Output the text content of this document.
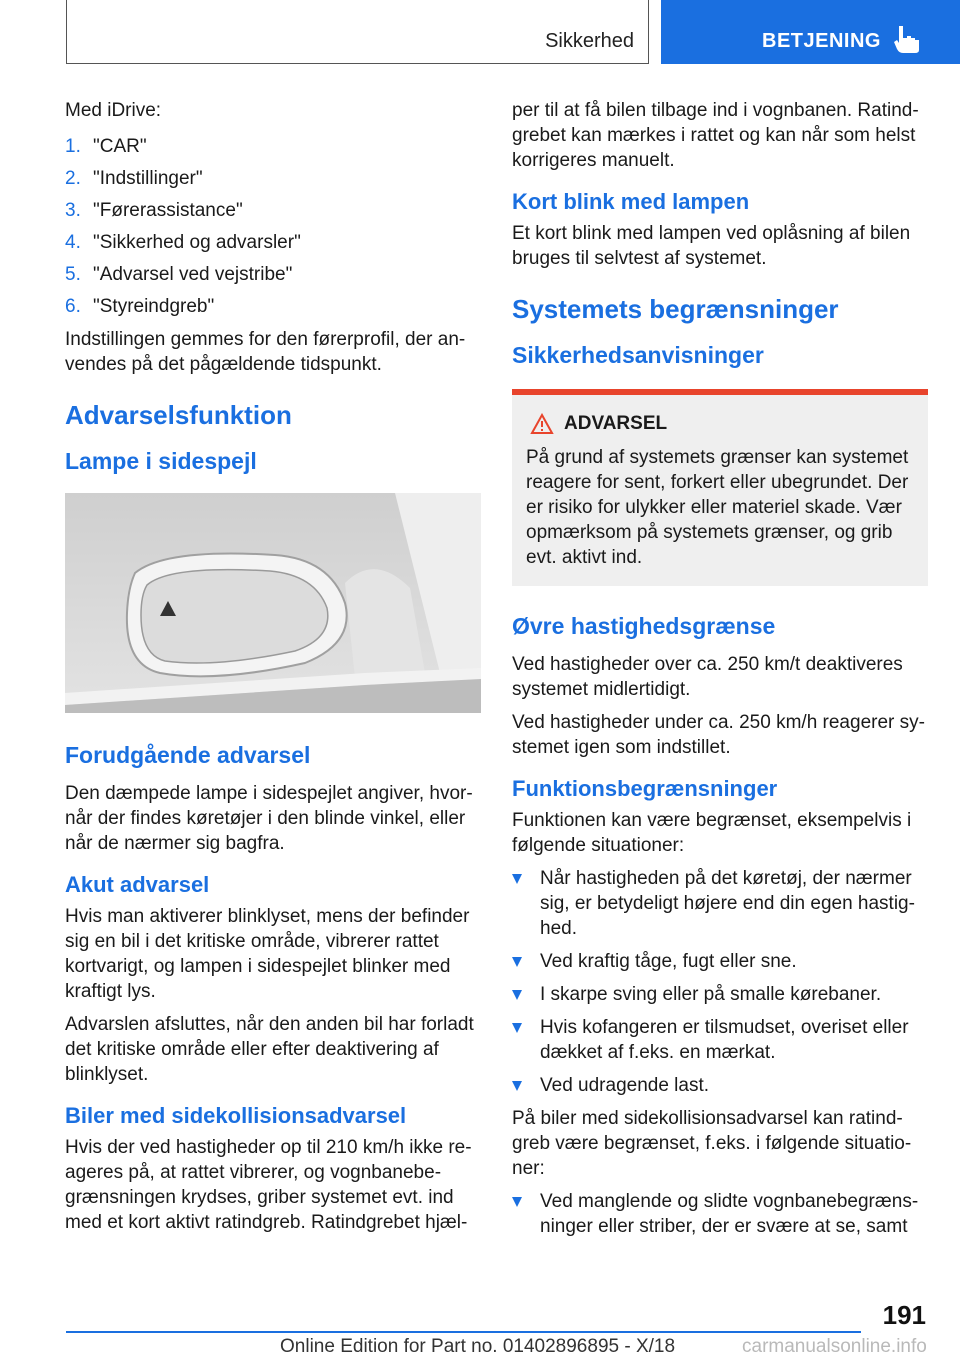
Sikkerhed	BETJENING

Med iDrive:

1. "CAR"
2. "Indstillinger"
3. "Førerassistance"
4. "Sikkerhed og advarsler"
5. "Advarsel ved vejstribe"
6. "Styreindgreb"

Indstillingen gemmes for den førerprofil, der an-vendes på det pågældende tidspunkt.

Advarselsfunktion
Lampe i sidespejl
Forudgående advarsel

Den dæmpede lampe i sidespejlet angiver, hvor-når der findes køretøjer i den blinde vinkel, eller når de nærmer sig bagfra.

Akut advarsel

Hvis man aktiverer blinklyset, mens der befinder sig en bil i det kritiske område, vibrerer rattet kortvarigt, og lampen i sidespejlet blinker med kraftigt lys.

Advarslen afsluttes, når den anden bil har forladt det kritiske område eller efter deaktivering af blinklyset.

Biler med sidekollisionsadvarsel

Hvis der ved hastigheder op til 210 km/h ikke re-ageres på, at rattet vibrerer, og vognbanebe-grænsningen krydses, griber systemet evt. ind med et kort aktivt ratindgreb. Ratindgrebet hjæl-

per til at få bilen tilbage ind i vognbanen. Ratind-grebet kan mærkes i rattet og kan når som helst korrigeres manuelt.

Kort blink med lampen

Et kort blink med lampen ved oplåsning af bilen bruges til selvtest af systemet.

Systemets begrænsninger
Sikkerhedsanvisninger
ADVARSEL

På grund af systemets grænser kan systemet reagere for sent, forkert eller ubegrundet. Der er risiko for ulykker eller materiel skade. Vær opmærksom på systemets grænser, og grib evt. aktivt ind.

Øvre hastighedsgrænse

Ved hastigheder over ca. 250 km/t deaktiveres systemet midlertidigt.

Ved hastigheder under ca. 250 km/h reagerer sy-stemet igen som indstillet.

Funktionsbegrænsninger

Funktionen kan være begrænset, eksempelvis i følgende situationer:

Når hastigheden på det køretøj, der nærmer sig, er betydeligt højere end din egen hastig-hed.
Ved kraftig tåge, fugt eller sne.
I skarpe sving eller på smalle kørebaner.
Hvis kofangeren er tilsmudset, overiset eller dækket af f.eks. en mærkat.
Ved udragende last.

På biler med sidekollisionsadvarsel kan ratind-greb være begrænset, f.eks. i følgende situatio-ner:

Ved manglende og slidte vognbanebegræns-ninger eller striber, der er svære at se, samt
191
Online Edition for Part no. 01402896895 - X/18	carmanualsonline.info
